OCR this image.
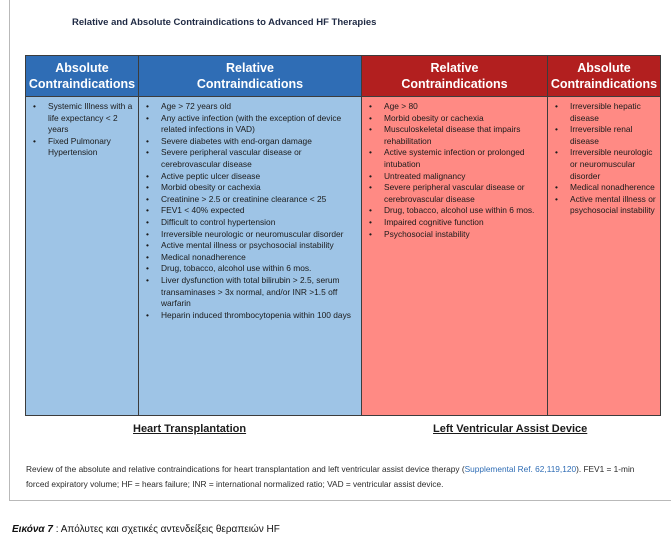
Relative and Absolute Contraindications to Advanced HF Therapies
Absolute
Contraindications
• Systemic Illness with a life expectancy < 2 years
• Fixed Pulmonary Hypertension
Relative
Contraindications
• Age > 72 years old
• Any active infection (with the exception of device related infections in VAD)
• Severe diabetes with end-organ damage
• Severe peripheral vascular disease or cerebrovascular disease
• Active peptic ulcer disease
• Morbid obesity or cachexia
• Creatinine > 2.5 or creatinine clearance < 25
• FEV1 < 40% expected
• Difficult to control hypertension
• Irreversible neurologic or neuromuscular disorder
• Active mental illness or psychosocial instability
• Medical nonadherence
• Drug, tobacco, alcohol use within 6 mos.
• Liver dysfunction with total bilirubin > 2.5, serum transaminases > 3x normal, and/or INR >1.5 off warfarin
• Heparin induced thrombocytopenia within 100 days
Relative
Contraindications
• Age > 80
• Morbid obesity or cachexia
• Musculoskeletal disease that impairs rehabilitation
• Active systemic infection or prolonged intubation
• Untreated malignancy
• Severe peripheral vascular disease or cerebrovascular disease
• Drug, tobacco, alcohol use within 6 mos.
• Impaired cognitive function
• Psychosocial instability
Absolute
Contraindications
• Irreversible hepatic disease
• Irreversible renal disease
• Irreversible neurologic or neuromuscular disorder
• Medical nonadherence
• Active mental illness or psychosocial instability
Heart Transplantation	Left Ventricular Assist Device
Review of the absolute and relative contraindications for heart transplantation and left ventricular assist device therapy (Supplemental Ref. 62,119,120). FEV1 = 1-min forced expiratory volume; HF = hears failure; INR = international normalized ratio; VAD = ventricular assist device.
Εικόνα 7 : Απόλυτες και σχετικές αντενδείξεις θεραπειών HF
